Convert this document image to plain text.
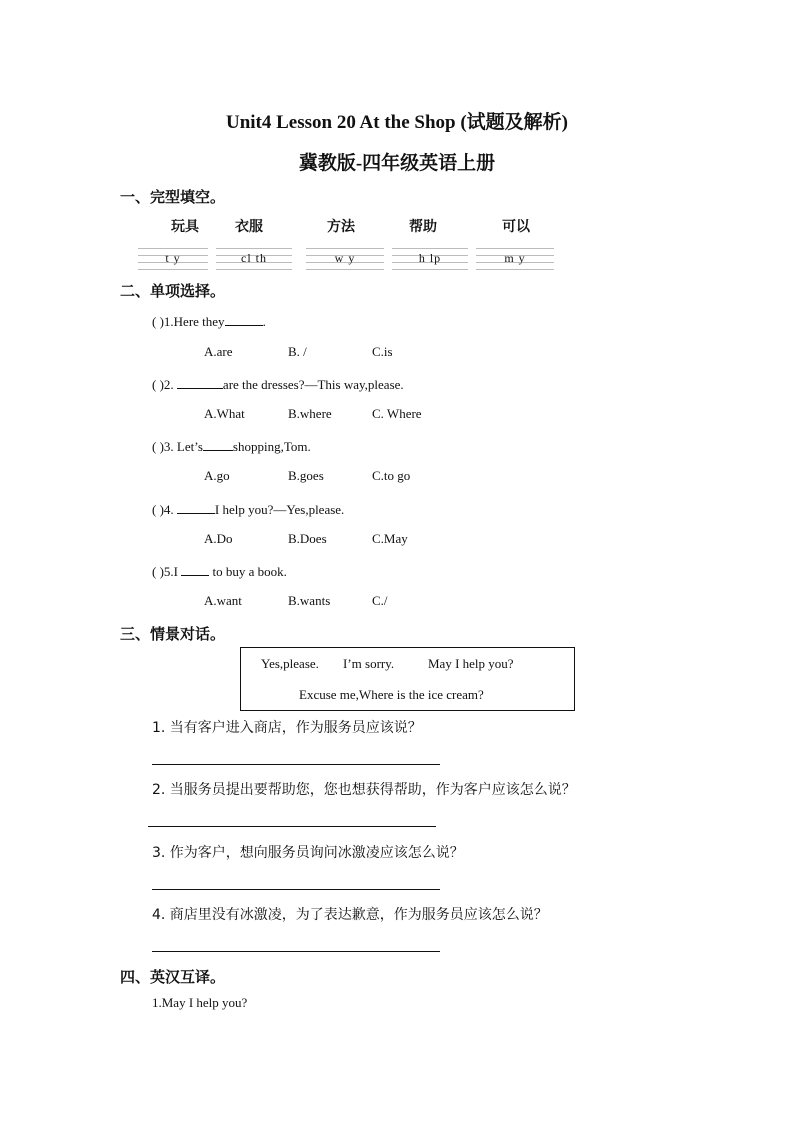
Unit4 Lesson 20 At the Shop (试题及解析)
冀教版-四年级英语上册
一、完型填空。
玩具	衣服	方法	帮助	可以
t y	cl th	w y	h lp	m y
二、单项选择。
( )1.Here they	.
A.are	B. /	C.is
( )2.	are the dresses?—This way,please.
A.What	B.where	C. Where
( )3. Let’s shopping,Tom.
A.go	B.goes	C.to go
( )4.	I help you?—Yes,please.
A.Do	B.Does	C.May
( )5.I	to buy a book.
A.want	B.wants	C./
三、情景对话。
Yes,please. I’m sorry.	May I help you?
Excuse me,Where is the ice cream?
1. 当有客户进入商店，作为服务员应该说？
2. 当服务员提出要帮助您，您也想获得帮助，作为客户应该怎么说？
3. 作为客户，想向服务员询问冰激凌应该怎么说？
4. 商店里没有冰激凌，为了表达歉意，作为服务员应该怎么说？
四、英汉互译。
1.May I help you?
